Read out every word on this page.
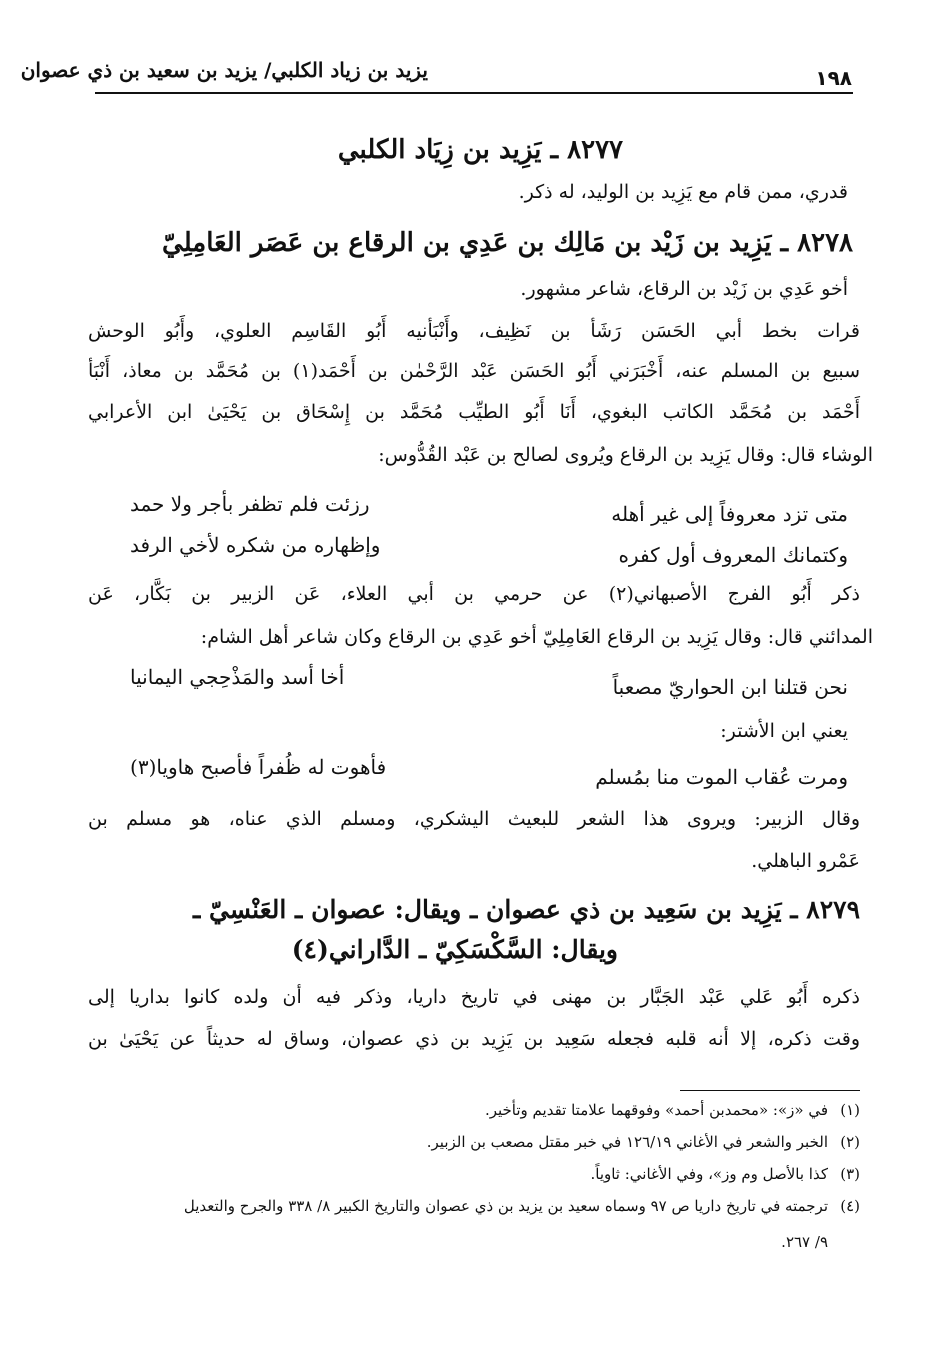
يزيد بن زياد الكلبي/ يزيد بن سعيد بن ذي عصوان	١٩٨
٨٢٧٧ ـ يَزِيد بن زِيَاد الكلبي
قدري، ممن قام مع يَزِيد بن الوليد، له ذكر.
٨٢٧٨ ـ يَزِيد بن زَيْد بن مَالِك بن عَدِي بن الرقاع بن عَصَر العَامِلِيّ
أخو عَدِي بن زَيْد بن الرقاع، شاعر مشهور.
قرات بخط أبي الحَسَن رَشَأ بن نَظِيف، وأَنْبَأنيه أَبُو القَاسِم العلوي، وأَبُو الوحش
سبيع بن المسلم عنه، أَخْبَرَني أَبُو الحَسَن عَبْد الرَّحْمٰن بن أَحْمَد(١) بن مُحَمَّد بن معاذ، أَنْبَأ
أَحْمَد بن مُحَمَّد الكاتب البغوي، أَنَا أَبُو الطيِّب مُحَمَّد بن إِسْحَاق بن يَحْيَىٰ ابن الأعرابي
الوشاء قال: وقال يَزِيد بن الرقاع ويُروى لصالح بن عَبْد القُدُّوس:
متى تزد معروفاً إلى غير أهله
رزئت فلم تظفر بأجر ولا حمد
وكتمانك المعروف أول كفره
وإظهاره من شكره لأخي الرفد
ذكر أَبُو الفرج الأصبهاني(٢) عن حرمي بن أبي العلاء، عَن الزبير بن بَكَّار، عَن
المدائني قال: وقال يَزِيد بن الرقاع العَامِلِيّ أخو عَدِي بن الرقاع وكان شاعر أهل الشام:
نحن قتلنا ابن الحواريّ مصعباً
أخا أسد والمَذْحِجي اليمانيا
يعني ابن الأشتر:
ومرت عُقاب الموت منا بمُسلم
فأهوت له ظُفراً فأصبح هاويا(٣)
وقال الزبير: ويروى هذا الشعر للبعيث اليشكري، ومسلم الذي عناه، هو مسلم بن
عَمْرو الباهلي.
٨٢٧٩ ـ يَزِيد بن سَعِيد بن ذي عصوان ـ ويقال: عصوان ـ العَنْسِيّ ـ
ويقال: السَّكْسَكِيّ ـ الدَّاراني(٤)
ذكره أَبُو عَلي عَبْد الجَبَّار بن مهنى في تاريخ داريا، وذكر فيه أن ولده كانوا بداريا إلى
وقت ذكره، إلا أنه قلبه فجعله سَعِيد بن يَزِيد بن ذي عصوان، وساق له حديثاً عن يَحْيَىٰ بن
(١)في «ز»: «محمدبن أحمد» وفوقهما علامتا تقديم وتأخير.
(٢)الخبر والشعر في الأغاني ١٢٦/١٩ في خبر مقتل مصعب بن الزبير.
(٣)كذا بالأصل وم وز»، وفي الأغاني: ثاوياً.
(٤)ترجمته في تاريخ داريا ص ٩٧ وسماه سعيد بن يزيد بن ذي عصوان والتاريخ الكبير ٨/ ٣٣٨ والجرح والتعديل
٩/ ٢٦٧.
